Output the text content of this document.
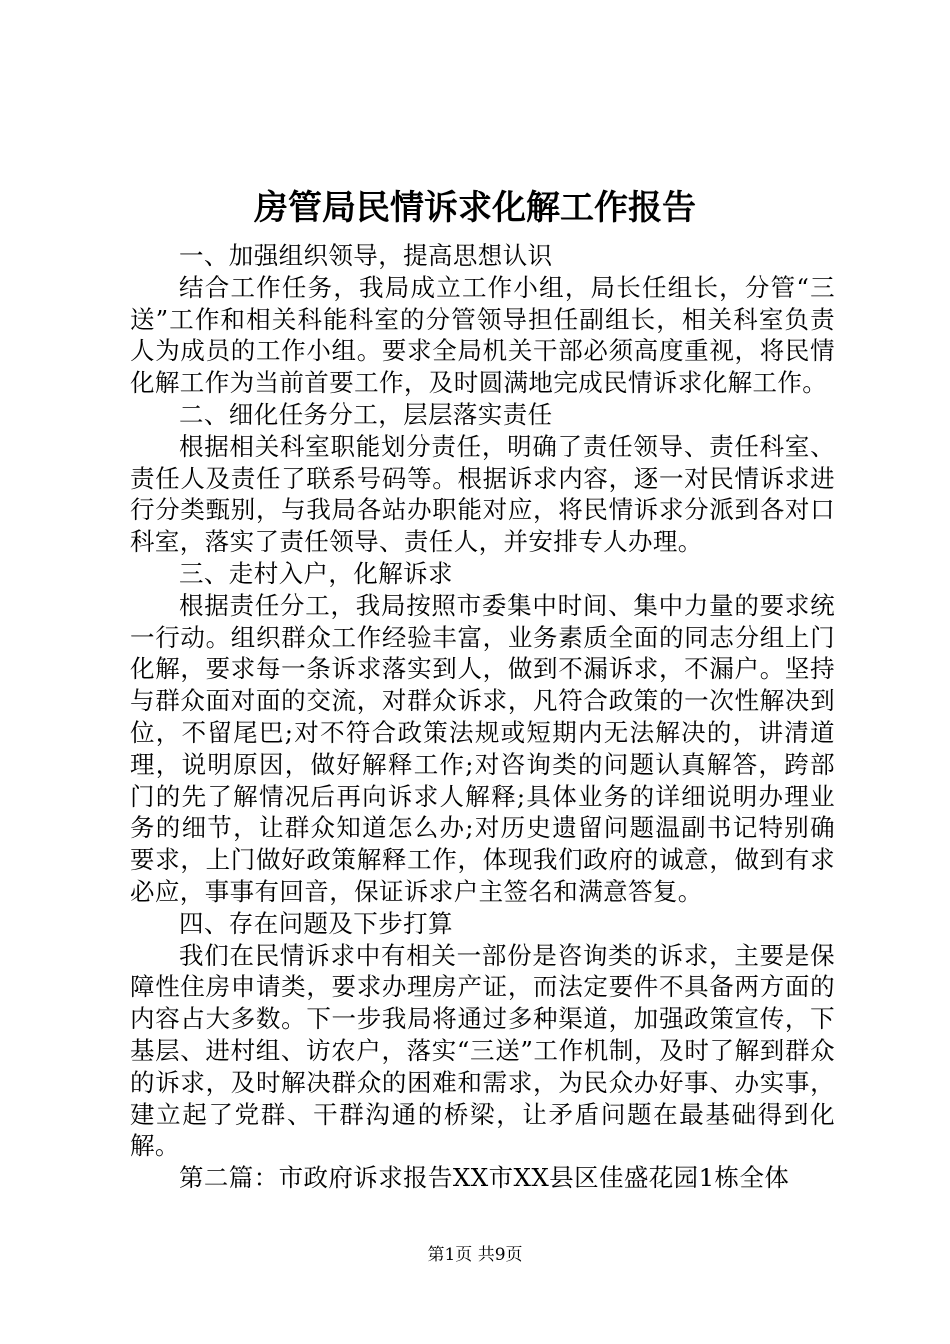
房管局民情诉求化解工作报告

一、加强组织领导，提高思想认识

结合工作任务，我局成立工作小组，局长任组长，分管“三送”工作和相关科能科室的分管领导担任副组长，相关科室负责人为成员的工作小组。要求全局机关干部必须高度重视，将民情化解工作为当前首要工作，及时圆满地完成民情诉求化解工作。

二、细化任务分工，层层落实责任

根据相关科室职能划分责任，明确了责任领导、责任科室、责任人及责任了联系号码等。根据诉求内容，逐一对民情诉求进行分类甄别，与我局各站办职能对应，将民情诉求分派到各对口科室，落实了责任领导、责任人，并安排专人办理。

三、走村入户，化解诉求

根据责任分工，我局按照市委集中时间、集中力量的要求统一行动。组织群众工作经验丰富，业务素质全面的同志分组上门化解，要求每一条诉求落实到人，做到不漏诉求，不漏户。坚持与群众面对面的交流，对群众诉求，凡符合政策的一次性解决到位，不留尾巴;对不符合政策法规或短期内无法解决的，讲清道理，说明原因，做好解释工作;对咨询类的问题认真解答，跨部门的先了解情况后再向诉求人解释;具体业务的详细说明办理业务的细节，让群众知道怎么办;对历史遗留问题温副书记特别确要求，上门做好政策解释工作，体现我们政府的诚意，做到有求必应，事事有回音，保证诉求户主签名和满意答复。

四、存在问题及下步打算

我们在民情诉求中有相关一部份是咨询类的诉求，主要是保障性住房申请类，要求办理房产证，而法定要件不具备两方面的内容占大多数。下一步我局将通过多种渠道，加强政策宣传，下基层、进村组、访农户，落实“三送”工作机制，及时了解到群众的诉求，及时解决群众的困难和需求，为民众办好事、办实事，建立起了党群、干群沟通的桥梁，让矛盾问题在最基础得到化解。

第二篇：市政府诉求报告XX市XX县区佳盛花园1栋全体

第1页 共9页
